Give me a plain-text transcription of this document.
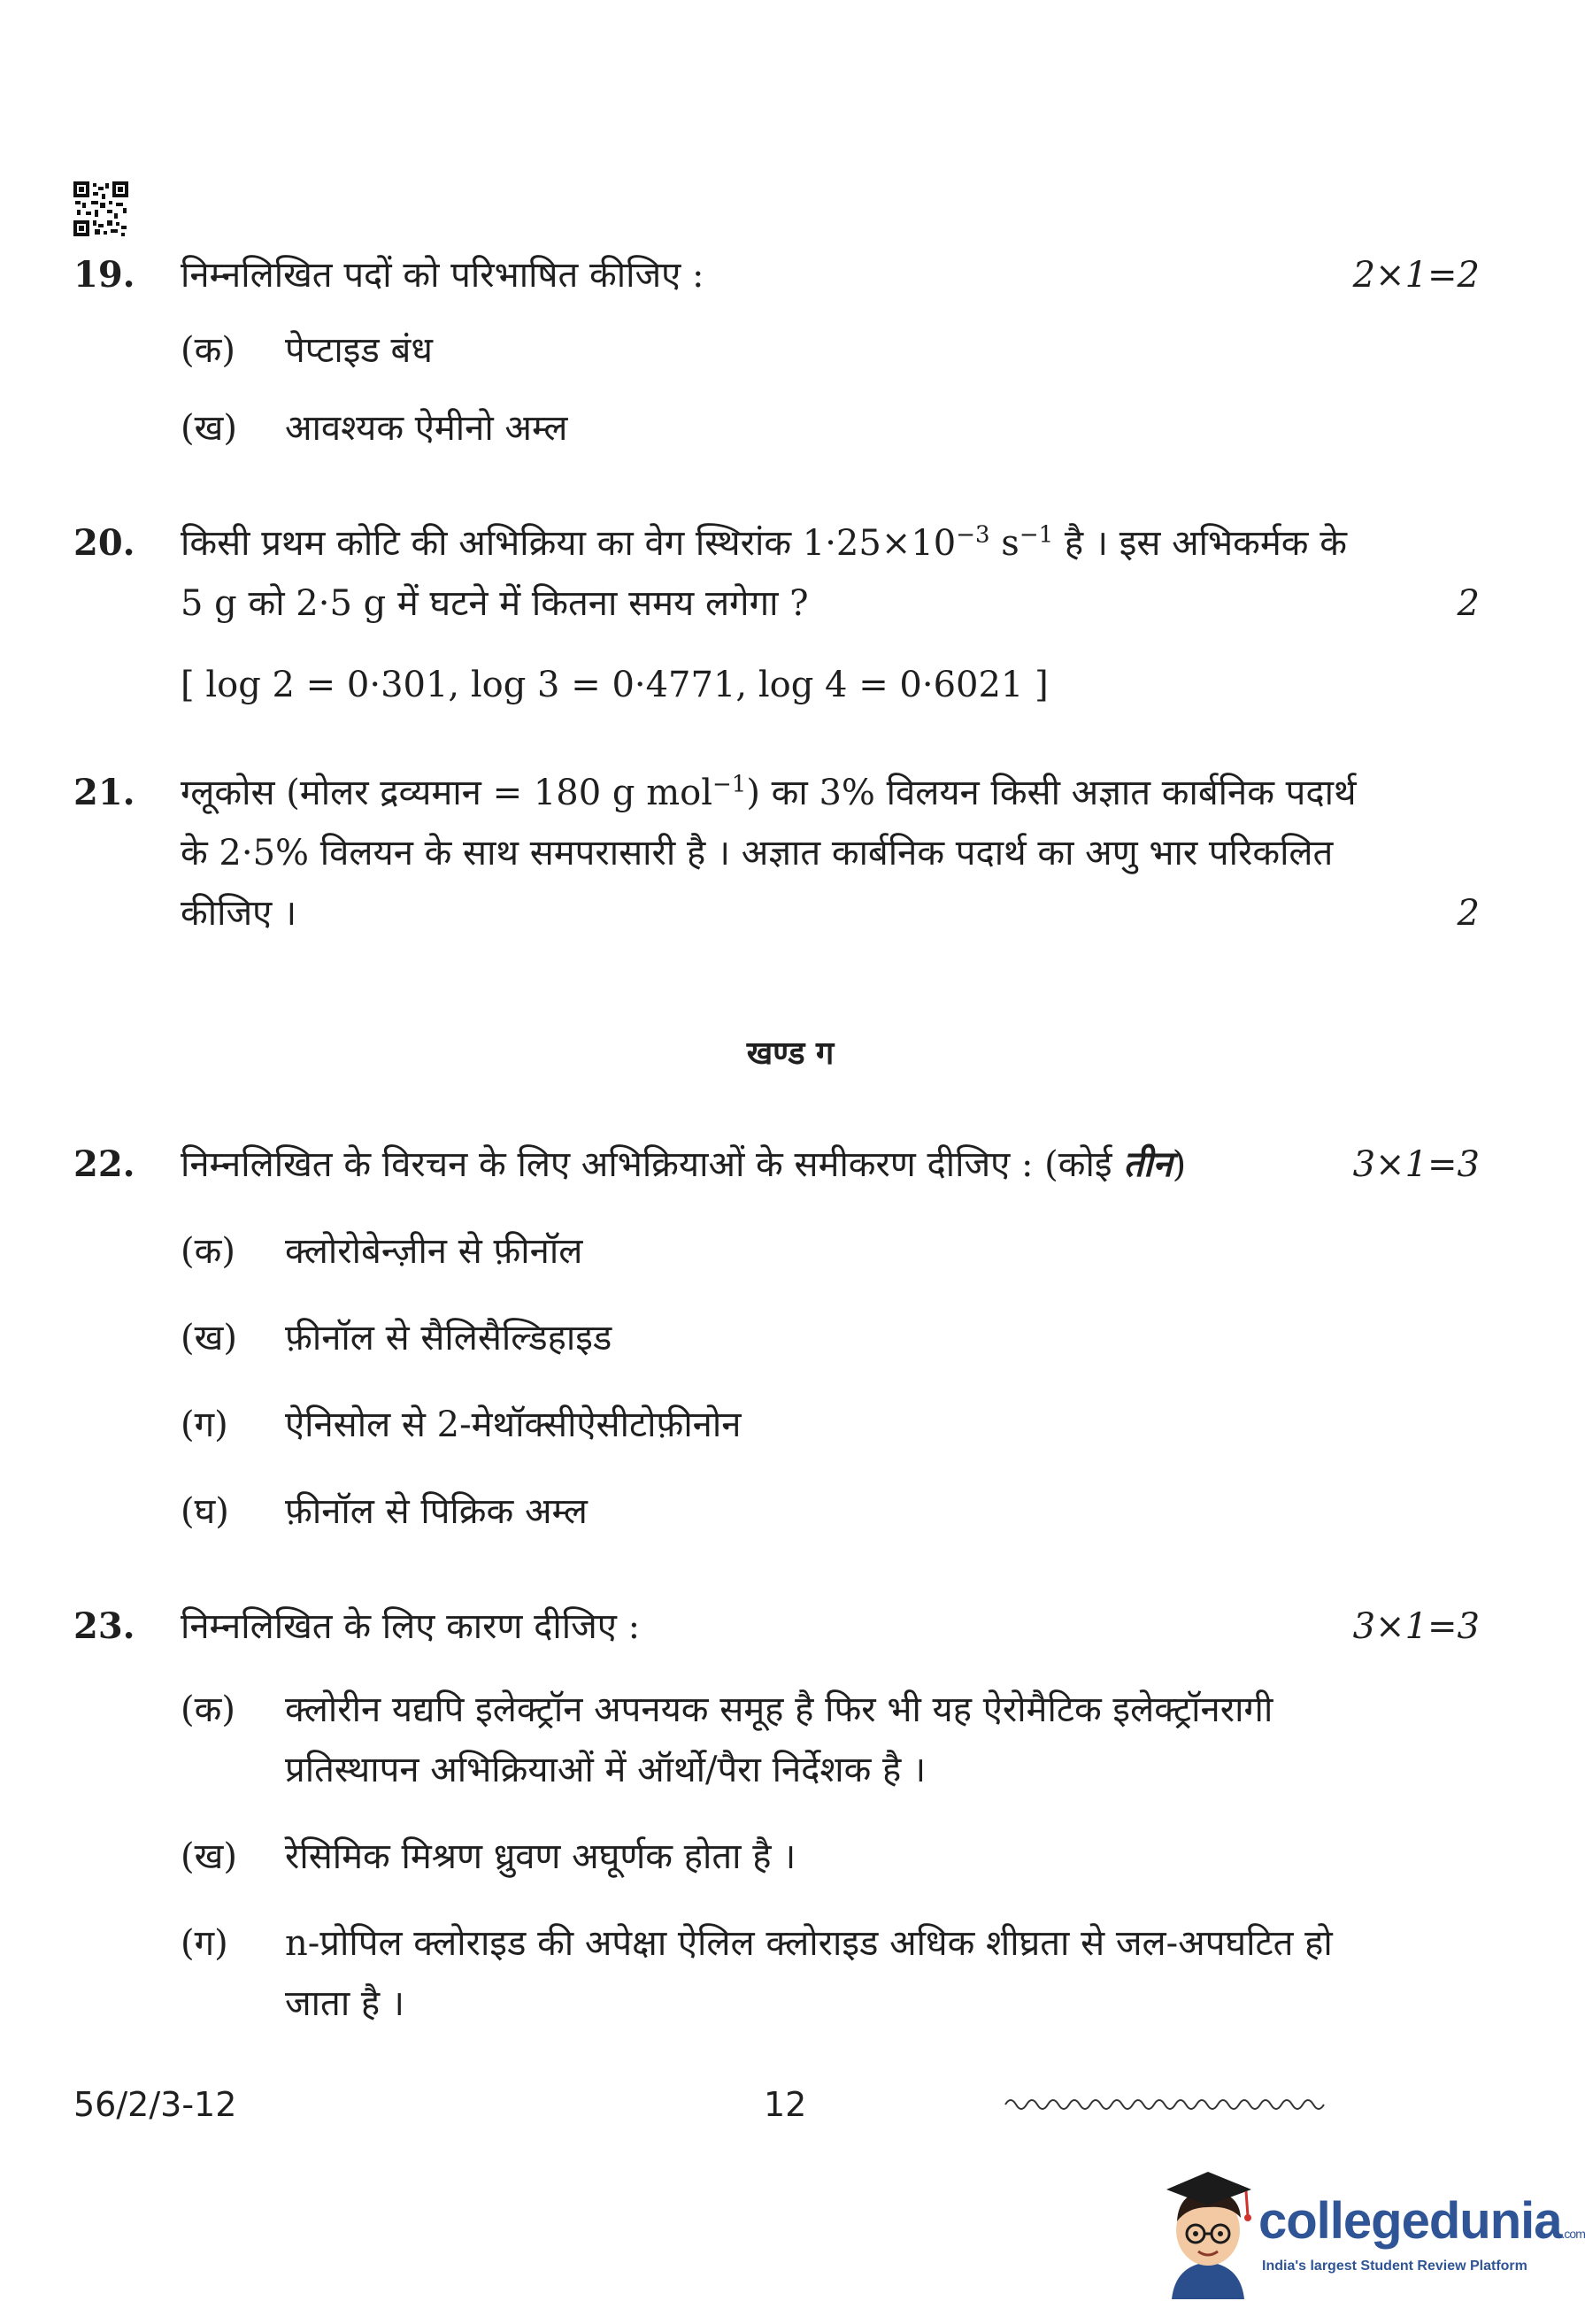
19. निम्नलिखित पदों को परिभाषित कीजिए :	2×1=2
(क) पेप्टाइड बंध
(ख) आवश्यक ऐमीनो अम्ल
20. किसी प्रथम कोटि की अभिक्रिया का वेग स्थिरांक $1\cdot 25\times 10^{-3}$ $s^{-1}$ है । इस अभिकर्मक के
5 g को 2·5 g में घटने में कितना समय लगेगा ?	2
[ log 2 = 0·301, log 3 = 0·4771, log 4 = 0·6021 ]
21. ग्लूकोस (मोलर द्रव्यमान = 180 g mol$^{-1}$) का 3% विलयन किसी अज्ञात कार्बनिक पदार्थ
के 2·5% विलयन के साथ समपरासारी है । अज्ञात कार्बनिक पदार्थ का अणु भार परिकलित
कीजिए ।	2
खण्ड ग
22. निम्नलिखित के विरचन के लिए अभिक्रियाओं के समीकरण दीजिए : (कोई तीन)	3×1=3
(क) क्लोरोबेन्ज़ीन से फ़ीनॉल
(ख) फ़ीनॉल से सैलिसैल्डिहाइड
(ग) ऐनिसोल से 2-मेथॉक्सीऐसीटोफ़ीनोन
(घ) फ़ीनॉल से पिक्रिक अम्ल
23. निम्नलिखित के लिए कारण दीजिए :	3×1=3
(क) क्लोरीन यद्यपि इलेक्ट्रॉन अपनयक समूह है फिर भी यह ऐरोमैटिक इलेक्ट्रॉनरागी
प्रतिस्थापन अभिक्रियाओं में ऑर्थो/पैरा निर्देशक है ।
(ख) रेसिमिक मिश्रण ध्रुवण अघूर्णक होता है ।
(ग) n-प्रोपिल क्लोराइड की अपेक्षा ऐलिल क्लोराइड अधिक शीघ्रता से जल-अपघटित हो
जाता है ।
56/2/3-12	12
collegedunia.com
India's largest Student Review Platform
